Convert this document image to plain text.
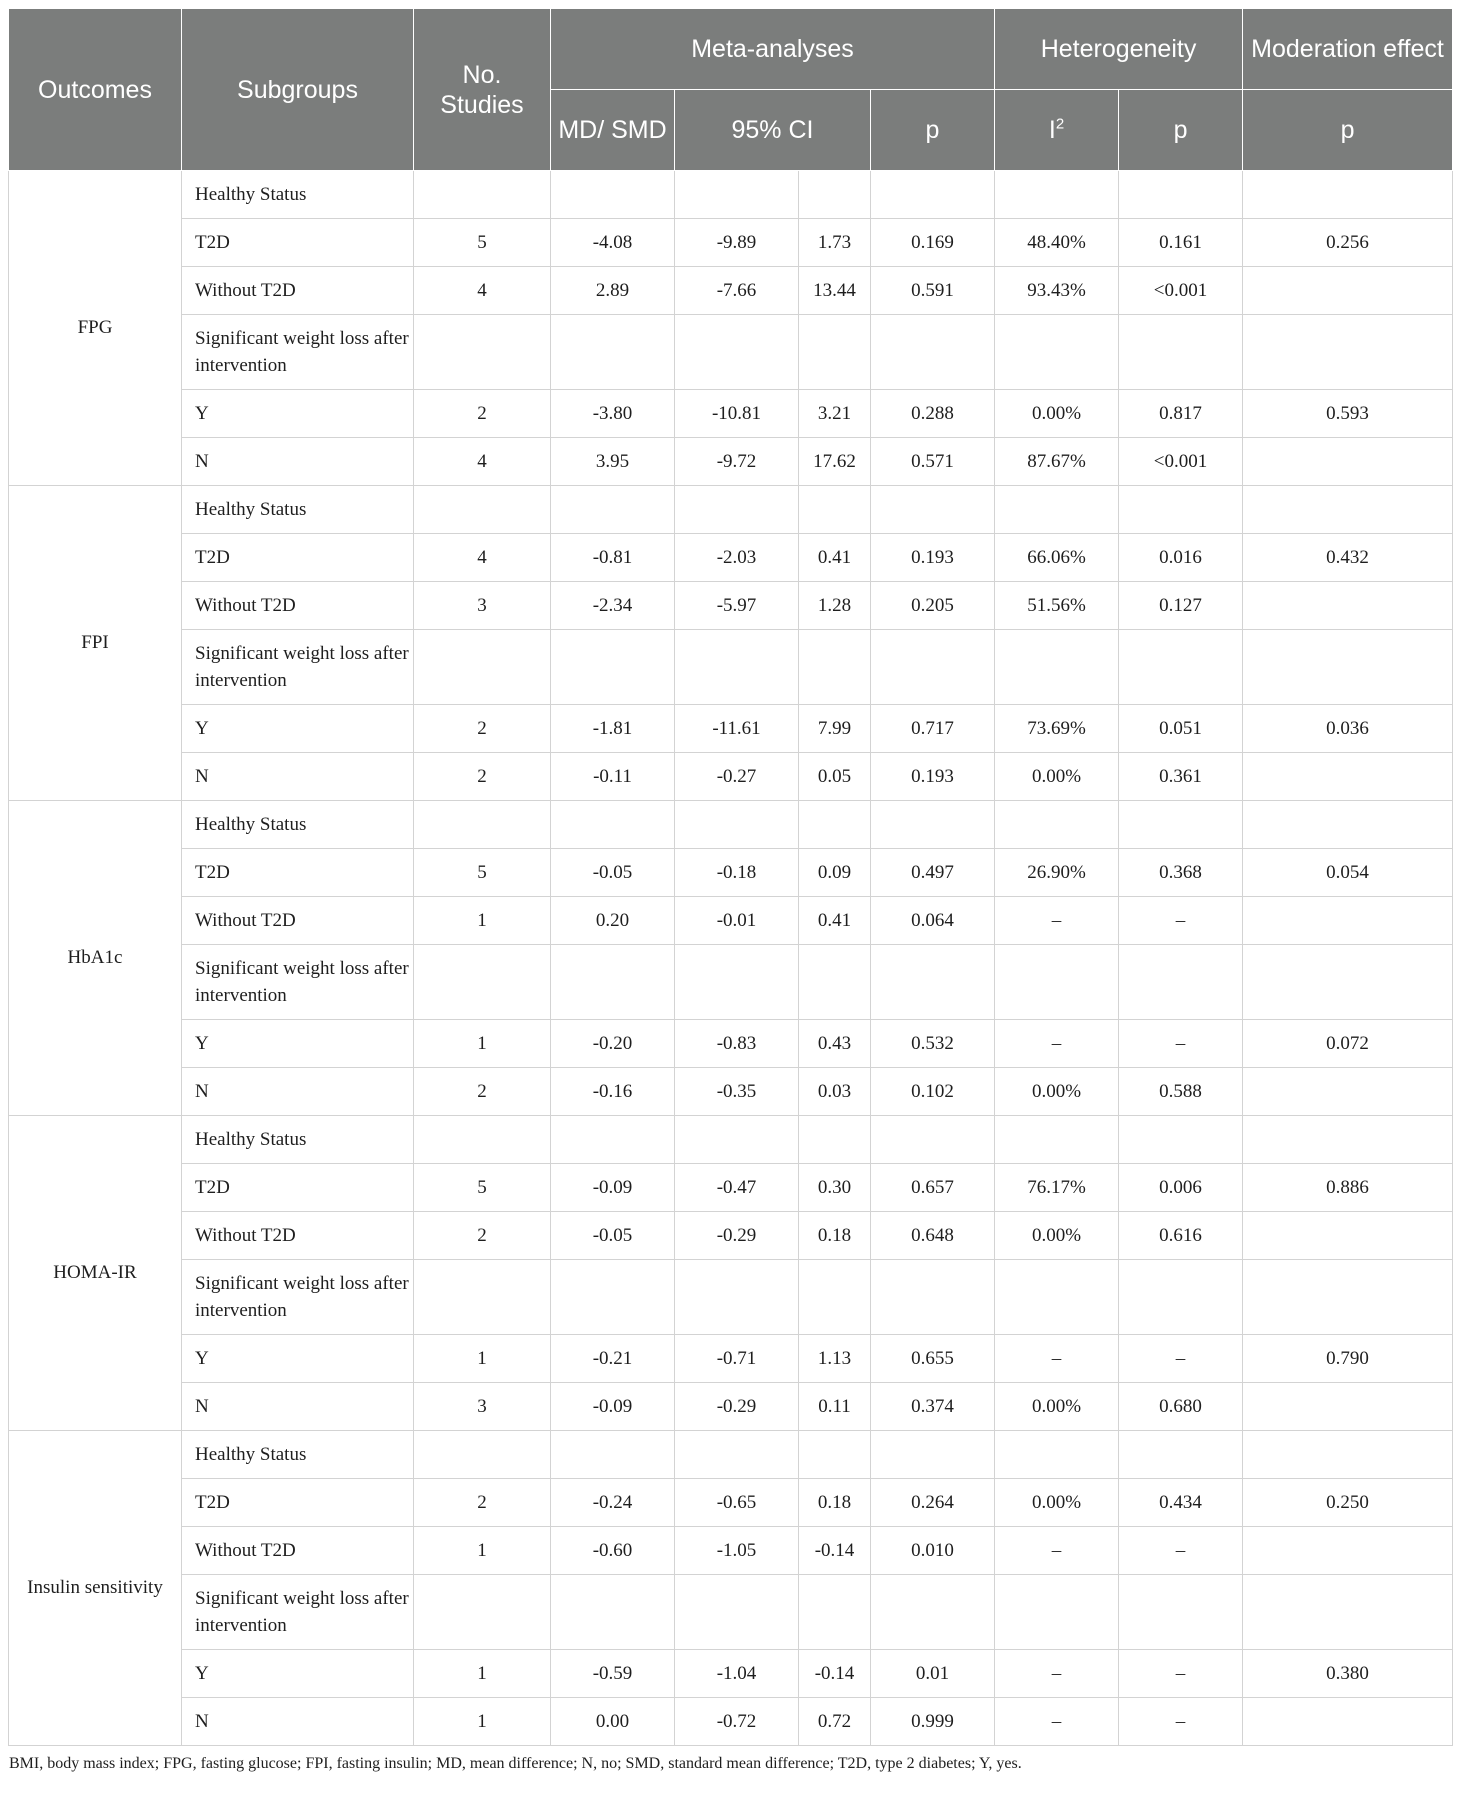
Outcomes	Subgroups	No. Studies	Meta-analyses				Heterogeneity		Moderation effect
			MD/ SMD	95% CI		p	$I^2$	p	p
FPG	Healthy Status								
	T2D	5	-4.08	-9.89	1.73	0.169	48.40%	0.161	0.256
	Without T2D	4	2.89	-7.66	13.44	0.591	93.43%	<0.001	
	Significant weight loss after intervention								
	Y	2	-3.80	-10.81	3.21	0.288	0.00%	0.817	0.593
	N	4	3.95	-9.72	17.62	0.571	87.67%	<0.001	
FPI	Healthy Status								
	T2D	4	-0.81	-2.03	0.41	0.193	66.06%	0.016	0.432
	Without T2D	3	-2.34	-5.97	1.28	0.205	51.56%	0.127	
	Significant weight loss after intervention								
	Y	2	-1.81	-11.61	7.99	0.717	73.69%	0.051	0.036
	N	2	-0.11	-0.27	0.05	0.193	0.00%	0.361	
HbA1c	Healthy Status								
	T2D	5	-0.05	-0.18	0.09	0.497	26.90%	0.368	0.054
	Without T2D	1	0.20	-0.01	0.41	0.064	–	–	
	Significant weight loss after intervention								
	Y	1	-0.20	-0.83	0.43	0.532	–	–	0.072
	N	2	-0.16	-0.35	0.03	0.102	0.00%	0.588	
HOMA-IR	Healthy Status								
	T2D	5	-0.09	-0.47	0.30	0.657	76.17%	0.006	0.886
	Without T2D	2	-0.05	-0.29	0.18	0.648	0.00%	0.616	
	Significant weight loss after intervention								
	Y	1	-0.21	-0.71	1.13	0.655	–	–	0.790
	N	3	-0.09	-0.29	0.11	0.374	0.00%	0.680	
Insulin sensitivity	Healthy Status								
	T2D	2	-0.24	-0.65	0.18	0.264	0.00%	0.434	0.250
	Without T2D	1	-0.60	-1.05	-0.14	0.010	–	–	
	Significant weight loss after intervention								
	Y	1	-0.59	-1.04	-0.14	0.01	–	–	0.380
	N	1	0.00	-0.72	0.72	0.999	–	–	
BMI, body mass index; FPG, fasting glucose; FPI, fasting insulin; MD, mean difference; N, no; SMD, standard mean difference; T2D, type 2 diabetes; Y, yes.
